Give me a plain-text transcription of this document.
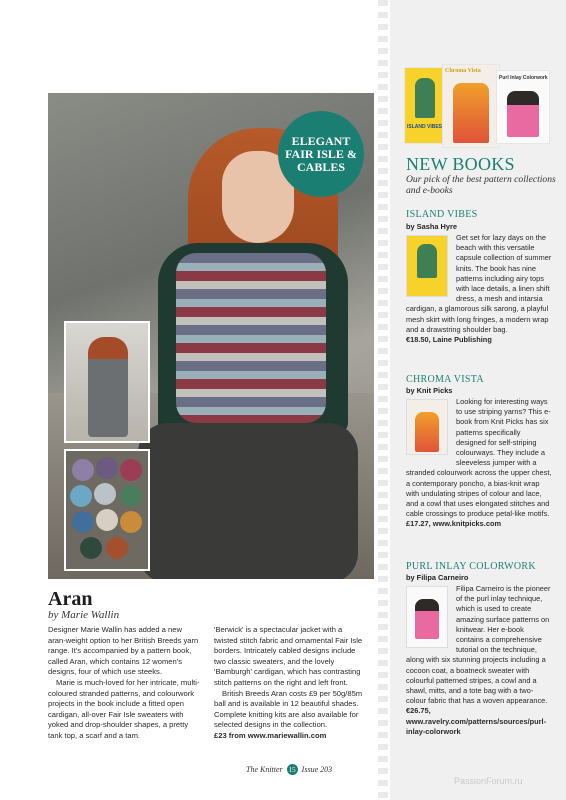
ELEGANT FAIR ISLE & CABLES
Aran
by Marie Wallin

Designer Marie Wallin has added a new aran-weight option to her British Breeds yarn range. It's accompanied by a pattern book, called Aran, which contains 12 women's designs, four of which use steeks.

Marie is much-loved for her intricate, multi-coloured stranded patterns, and colourwork projects in the book include a fitted open cardigan, all-over Fair Isle sweaters with yoked and drop-shoulder shapes, a pretty tank top, a scarf and a tam.

'Berwick' is a spectacular jacket with a twisted stitch fabric and ornamental Fair Isle borders. Intricately cabled designs include two classic sweaters, and the lovely 'Bamburgh' cardigan, which has contrasting stitch patterns on the right and left front.

British Breeds Aran costs £9 per 50g/85m ball and is available in 12 beautiful shades. Complete knitting kits are also available for selected designs in the collection.

£23 from www.mariewallin.com

The Knitter 15 Issue 203
ISLAND VIBES
Chroma Vista
Purl Inlay Colorwork
NEW BOOKS
Our pick of the best pattern collections and e-books
ISLAND VIBES
by Sasha Hyre
Get set for lazy days on the beach with this versatile capsule collection of summer knits. The book has nine patterns including airy tops with lace details, a linen shift dress, a mesh and intarsia cardigan, a glamorous silk sarong, a playful mesh skirt with long fringes, a modern wrap and a drawstring shoulder bag.
€18.50, Laine Publishing
CHROMA VISTA
by Knit Picks
Looking for interesting ways to use striping yarns? This e-book from Knit Picks has six patterns specifically designed for self-striping colourways. They include a sleeveless jumper with a stranded colourwork across the upper chest, a contemporary poncho, a bias-knit wrap with undulating stripes of colour and lace, and a cowl that uses elongated stitches and cable crossings to produce petal-like motifs.
£17.27, www.knitpicks.com
PURL INLAY COLORWORK
by Filipa Carneiro
Filipa Carneiro is the pioneer of the purl inlay technique, which is used to create amazing surface patterns on knitwear. Her e-book contains a comprehensive tutorial on the technique, along with six stunning projects including a cocoon coat, a boatneck sweater with colourful patterned stripes, a cowl and a shawl, mitts, and a tote bag with a two-colour fabric that has a woven appearance.
€26.75, www.ravelry.com/patterns/sources/purl-inlay-colorwork
PassionForum.ru
